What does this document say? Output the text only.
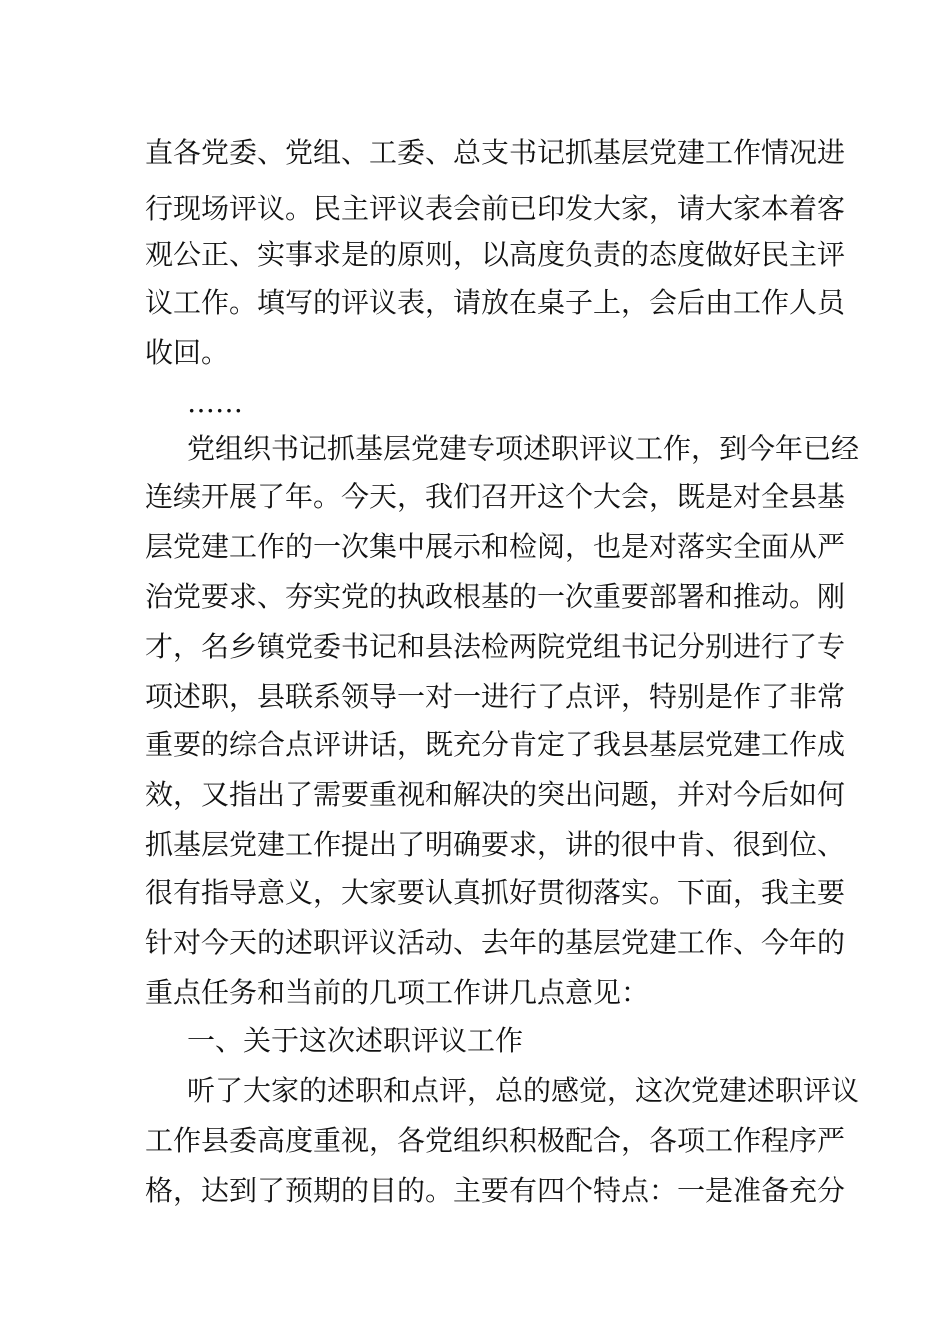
直各党委、党组、工委、总支书记抓基层党建工作情况进
行现场评议。民主评议表会前已印发大家，请大家本着客
观公正、实事求是的原则，以高度负责的态度做好民主评
议工作。填写的评议表，请放在桌子上，会后由工作人员
收回。
……
党组织书记抓基层党建专项述职评议工作，到今年已经
连续开展了年。今天，我们召开这个大会，既是对全县基
层党建工作的一次集中展示和检阅，也是对落实全面从严
治党要求、夯实党的执政根基的一次重要部署和推动。刚
才，名乡镇党委书记和县法检两院党组书记分别进行了专
项述职，县联系领导一对一进行了点评，特别是作了非常
重要的综合点评讲话，既充分肯定了我县基层党建工作成
效，又指出了需要重视和解决的突出问题，并对今后如何
抓基层党建工作提出了明确要求，讲的很中肯、很到位、
很有指导意义，大家要认真抓好贯彻落实。下面，我主要
针对今天的述职评议活动、去年的基层党建工作、今年的
重点任务和当前的几项工作讲几点意见：
一、关于这次述职评议工作
听了大家的述职和点评，总的感觉，这次党建述职评议
工作县委高度重视，各党组织积极配合，各项工作程序严
格，达到了预期的目的。主要有四个特点：一是准备充分
